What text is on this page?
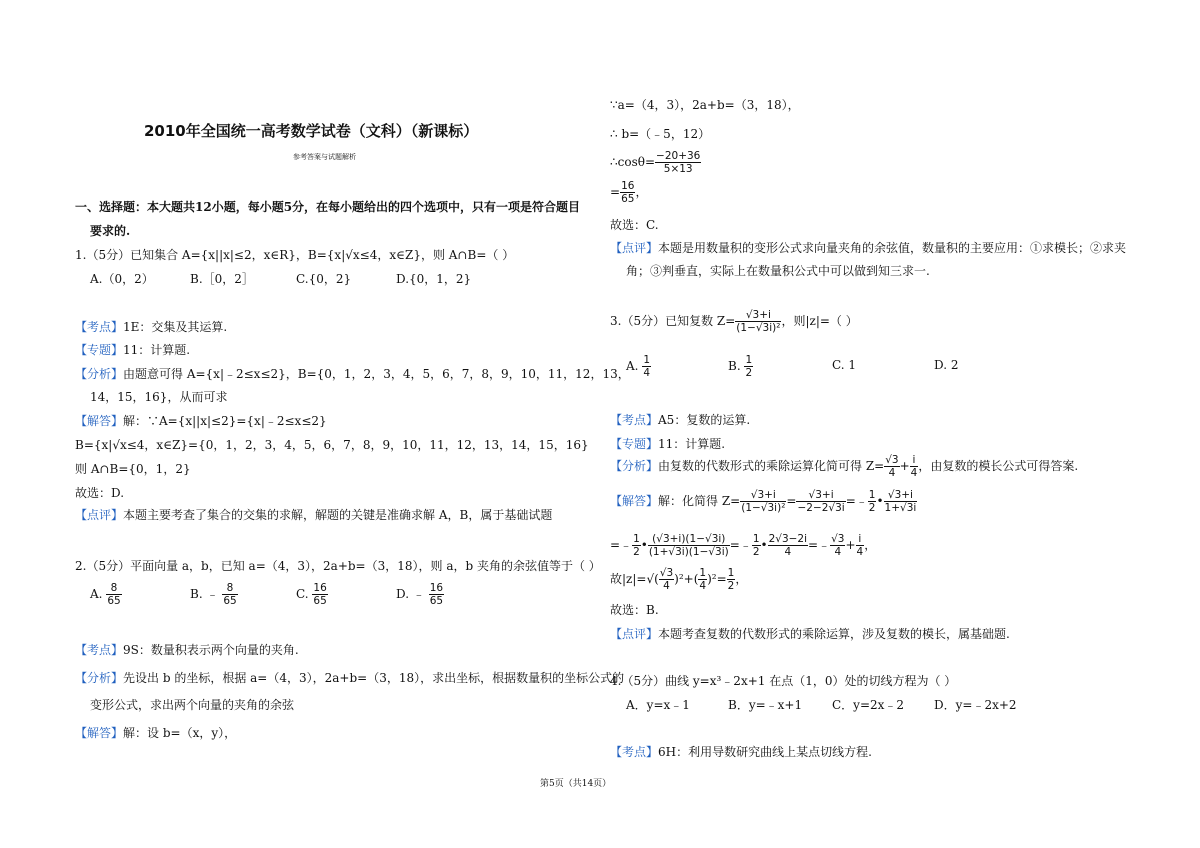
2010年全国统一高考数学试卷（文科）（新课标）
参考答案与试题解析
一、选择题：本大题共12小题，每小题5分，在每小题给出的四个选项中，只有一项是符合题目
要求的.
1.（5分）已知集合 A={x||x|≤2，x∈R}，B={x|√x≤4，x∈Z}，则 A∩B=（ ）
A.（0，2）	B.［0，2］	C.{0，2}	D.{0，1，2}
【考点】1E：交集及其运算.
【专题】11：计算题.
【分析】由题意可得 A={x|﹣2≤x≤2}，B={0，1，2，3，4，5，6，7，8，9，10，11，12，13，
14，15，16}，从而可求
【解答】解：∵A={x||x|≤2}={x|﹣2≤x≤2}
B={x|√x≤4，x∈Z}={0，1，2，3，4，5，6，7，8，9，10，11，12，13，14，15，16}
则 A∩B={0，1，2}
故选：D.
【点评】本题主要考查了集合的交集的求解，解题的关键是准确求解 A，B，属于基础试题
2.（5分）平面向量 a，b，已知 a=（4，3），2a+b=（3，18），则 a，b 夹角的余弦值等于（ ）
A. $\frac{8}{65}$	B. ﹣ $\frac{8}{65}$	C. $\frac{16}{65}$	D. ﹣ $\frac{16}{65}$
【考点】9S：数量积表示两个向量的夹角.
【分析】先设出 b 的坐标，根据 a=（4，3），2a+b=（3，18），求出坐标，根据数量积的坐标公式的
变形公式，求出两个向量的夹角的余弦
【解答】解：设 b=（x，y），
∵a=（4，3），2a+b=（3，18），
∴ b=（﹣5，12）
∴cosθ= $\frac{-20+36}{5\times 13}$
= $\frac{16}{65}$ ，
故选：C.
【点评】本题是用数量积的变形公式求向量夹角的余弦值，数量积的主要应用：①求模长；②求夹
角；③判垂直，实际上在数量积公式中可以做到知三求一.
3.（5分）已知复数 $Z= \frac{√3+i}{\text{(1−√3i)²}}$ ，则|z|=（ ）
A. $\frac{1}{4}$	B. $\frac{1}{2}$	C. 1	D. 2
【考点】A5：复数的运算.
【专题】11：计算题.
【分析】由复数的代数形式的乘除运算化简可得 $Z= \frac{√3}{4} + \frac{i}{4}$ ，由复数的模长公式可得答案.
【解答】解：化简得 $Z= \frac{√3+i}{\text{(1−√3i)²}} = \frac{√3+i}{-2-2√3i}$ =﹣ $\frac{1}{2}$ • $\frac{√3+i}{1+√3i}$
=﹣ $\frac{1}{2}$ • $\frac{(√3+i)(1-√3i)}{(1+√3i)(1-√3i)}$ =﹣ $\frac{1}{2}$ • $\frac{2√3-2i}{4}$ =﹣ $\frac{√3}{4} + \frac{i}{4}$ ，
故$|z|=√( \frac{√3}{4} )^2+( \frac{1}{4} )^2= \frac{1}{2}$ ，
故选：B.
【点评】本题考查复数的代数形式的乘除运算，涉及复数的模长，属基础题.
4.（5分）曲线 y=x³﹣2x+1 在点（1，0）处的切线方程为（ ）
A．y=x﹣1	B．y=﹣x+1 C．y=2x﹣2 D．y=﹣2x+2
【考点】6H：利用导数研究曲线上某点切线方程.
第5页（共14页）
